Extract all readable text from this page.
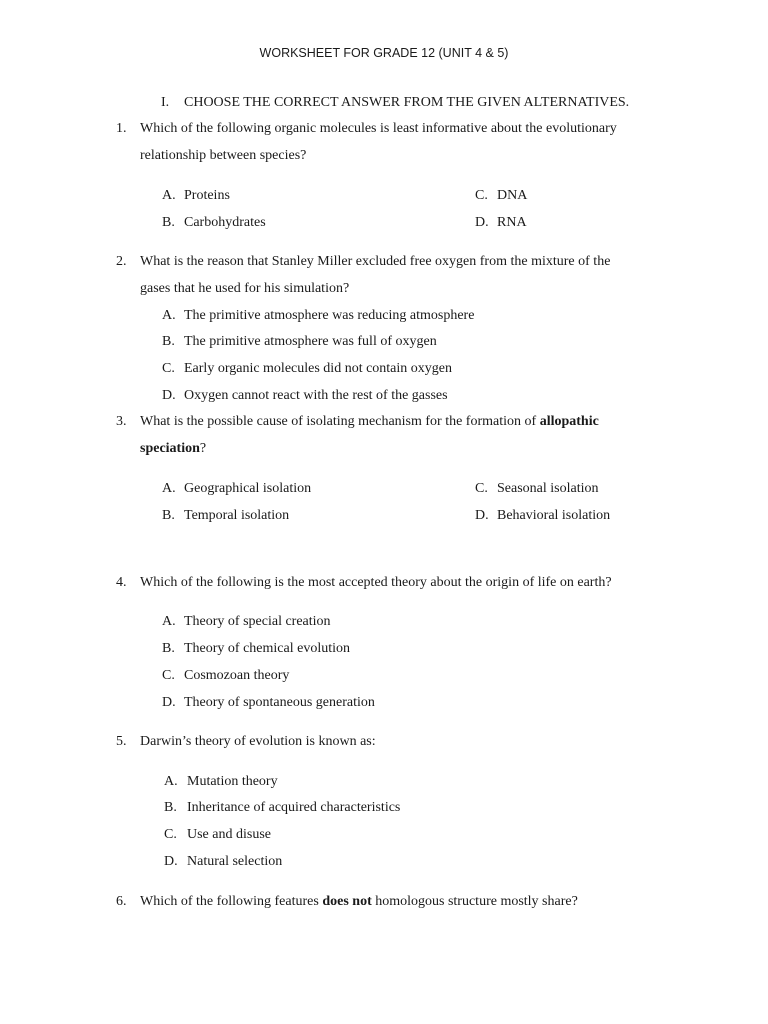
WORKSHEET FOR GRADE 12 (UNIT 4 & 5)
I. CHOOSE THE CORRECT ANSWER FROM THE GIVEN ALTERNATIVES.
1. Which of the following organic molecules is least informative about the evolutionary
relationship between species?
A. Proteins
B. Carbohydrates
C. DNA
D. RNA
2. What is the reason that Stanley Miller excluded free oxygen from the mixture of the
gases that he used for his simulation?
A. The primitive atmosphere was reducing atmosphere
B. The primitive atmosphere was full of oxygen
C. Early organic molecules did not contain oxygen
D. Oxygen cannot react with the rest of the gasses
3. What is the possible cause of isolating mechanism for the formation of allopathic
speciation?
A. Geographical isolation
B. Temporal isolation
C. Seasonal isolation
D. Behavioral isolation
4. Which of the following is the most accepted theory about the origin of life on earth?
A. Theory of special creation
B. Theory of chemical evolution
C. Cosmozoan theory
D. Theory of spontaneous generation
5. Darwin’s theory of evolution is known as:
A. Mutation theory
B. Inheritance of acquired characteristics
C. Use and disuse
D. Natural selection
6. Which of the following features does not homologous structure mostly share?
